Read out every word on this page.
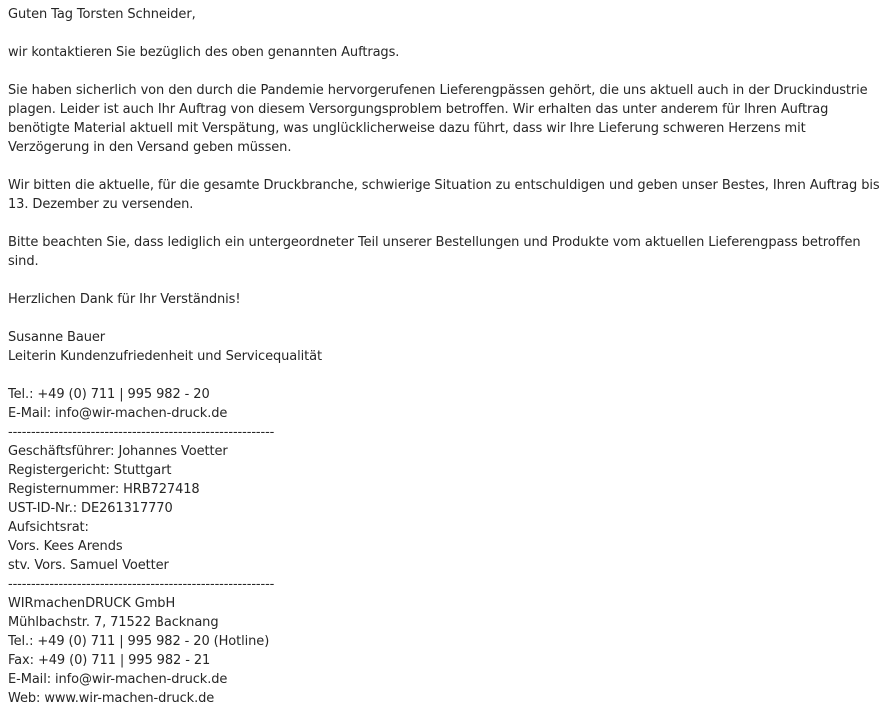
Guten Tag Torsten Schneider,

wir kontaktieren Sie bezüglich des oben genannten Auftrags.

Sie haben sicherlich von den durch die Pandemie hervorgerufenen Lieferengpässen gehört, die uns aktuell auch in der Druckindustrie plagen. Leider ist auch Ihr Auftrag von diesem Versorgungsproblem betroffen. Wir erhalten das unter anderem für Ihren Auftrag benötigte Material aktuell mit Verspätung, was unglücklicherweise dazu führt, dass wir Ihre Lieferung schweren Herzens mit Verzögerung in den Versand geben müssen.

Wir bitten die aktuelle, für die gesamte Druckbranche, schwierige Situation zu entschuldigen und geben unser Bestes, Ihren Auftrag bis 13. Dezember zu versenden.

Bitte beachten Sie, dass lediglich ein untergeordneter Teil unserer Bestellungen und Produkte vom aktuellen Lieferengpass betroffen sind.

Herzlichen Dank für Ihr Verständnis!

Susanne Bauer
Leiterin Kundenzufriedenheit und Servicequalität
Tel.: +49 (0) 711 | 995 982 - 20
E-Mail: info@wir-machen-druck.de
----------------------------------------------------------
Geschäftsführer: Johannes Voetter
Registergericht: Stuttgart
Registernummer: HRB727418
UST-ID-Nr.: DE261317770
Aufsichtsrat:
Vors. Kees Arends
stv. Vors. Samuel Voetter
----------------------------------------------------------
WIRmachenDRUCK GmbH
Mühlbachstr. 7, 71522 Backnang
Tel.: +49 (0) 711 | 995 982 - 20 (Hotline)
Fax: +49 (0) 711 | 995 982 - 21
E-Mail: info@wir-machen-druck.de
Web: www.wir-machen-druck.de
